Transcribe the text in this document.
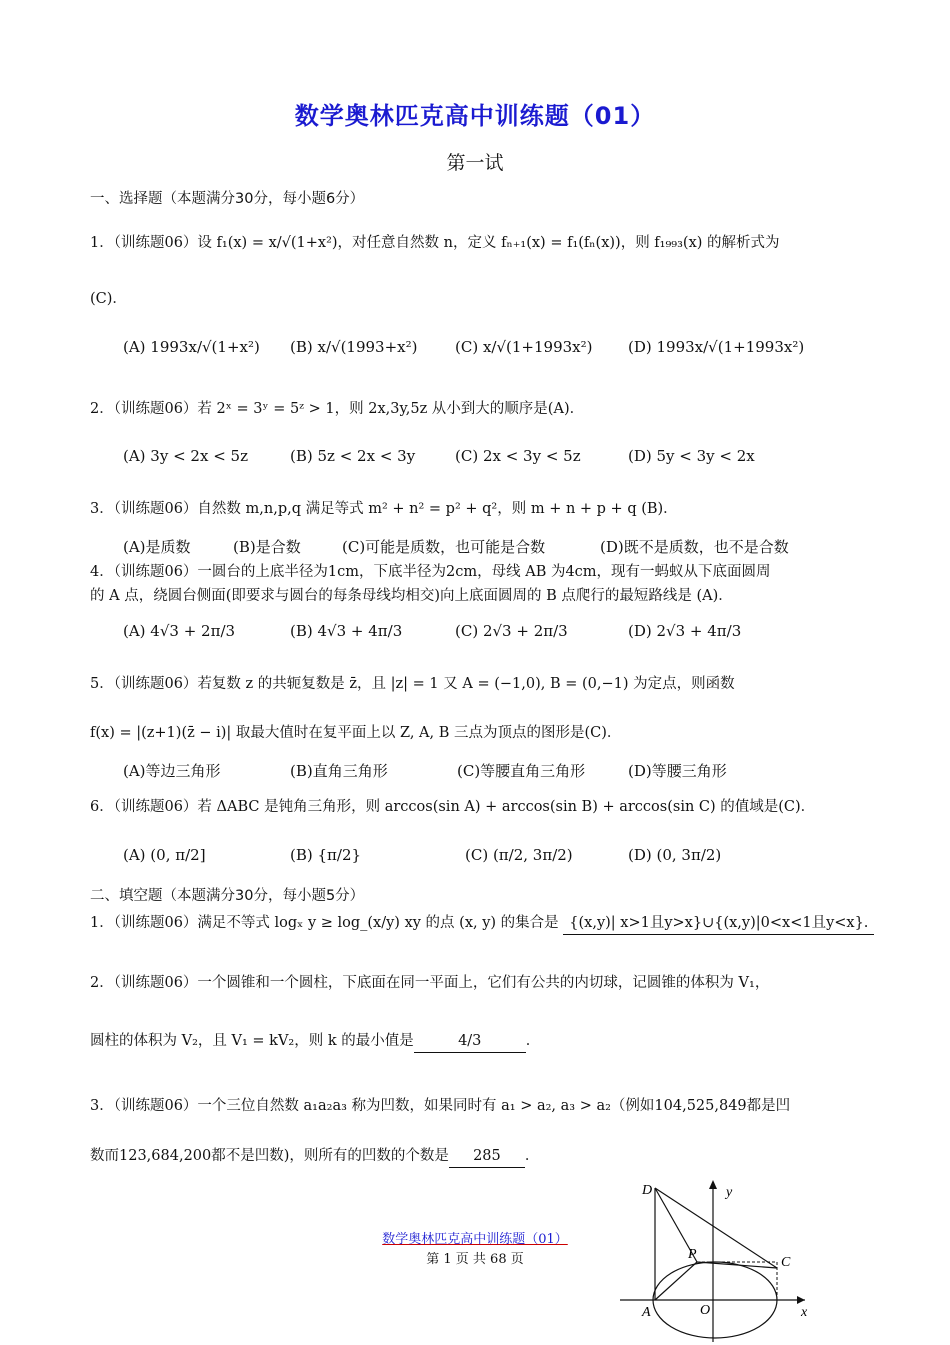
数学奥林匹克高中训练题（01）
第一试
一、选择题（本题满分30分，每小题6分）
1．（训练题06）设 f₁(x) = x/√(1+x²)，对任意自然数 n，定义 fₙ₊₁(x) = f₁(fₙ(x))，则 f₁₉₉₃(x) 的解析式为
(C)．
(A) 1993x/√(1+x²) (B) x/√(1993+x²)	(C) x/√(1+1993x²) (D) 1993x/√(1+1993x²)
2．（训练题06）若 2ˣ = 3ʸ = 5ᶻ > 1，则 2x,3y,5z 从小到大的顺序是(A)．
(A) 3y < 2x < 5z	(B) 5z < 2x < 3y	(C) 2x < 3y < 5z	(D) 5y < 3y < 2x
3．（训练题06）自然数 m,n,p,q 满足等式 m² + n² = p² + q²，则 m + n + p + q (B)．
(A)是质数	(B)是合数	(C)可能是质数，也可能是合数	(D)既不是质数，也不是合数
4．（训练题06）一圆台的上底半径为1cm，下底半径为2cm，母线 AB 为4cm，现有一蚂蚁从下底面圆周
的 A 点，绕圆台侧面(即要求与圆台的每条母线均相交)向上底面圆周的 B 点爬行的最短路线是 (A)．
(A) 4√3 + 2π/3	(B) 4√3 + 4π/3	(C) 2√3 + 2π/3	(D) 2√3 + 4π/3
5．（训练题06）若复数 z 的共轭复数是 z̄，且 |z| = 1 又 A = (−1,0), B = (0,−1) 为定点，则函数
f(x) = |(z+1)(z̄ − i)| 取最大值时在复平面上以 Z, A, B 三点为顶点的图形是(C)．
(A)等边三角形	(B)直角三角形	(C)等腰直角三角形	(D)等腰三角形
6．（训练题06）若 ΔABC 是钝角三角形，则 arccos(sin A) + arccos(sin B) + arccos(sin C) 的值域是(C)．
(A) (0, π/2]	(B) {π/2}	(C) (π/2, 3π/2)	(D) (0, 3π/2)
二、填空题（本题满分30分，每小题5分）
1．（训练题06）满足不等式 logₓ y ≥ log_(x/y) xy 的点 (x, y) 的集合是 {(x,y)| x>1且y>x}∪{(x,y)|0<x<1且y<x}.
2．（训练题06）一个圆锥和一个圆柱，下底面在同一平面上，它们有公共的内切球，记圆锥的体积为 V₁，
圆柱的体积为 V₂，且 V₁ = kV₂，则 k 的最小值是	4/3	．
3．（训练题06）一个三位自然数 a₁a₂a₃ 称为凹数，如果同时有 a₁ > a₂, a₃ > a₂（例如104,525,849都是凹
数而123,684,200都不是凹数)，则所有的凹数的个数是 285 ．
D	y
P
C
A	O	x
数学奥林匹克高中训练题（01）
第 1 页 共 68 页
